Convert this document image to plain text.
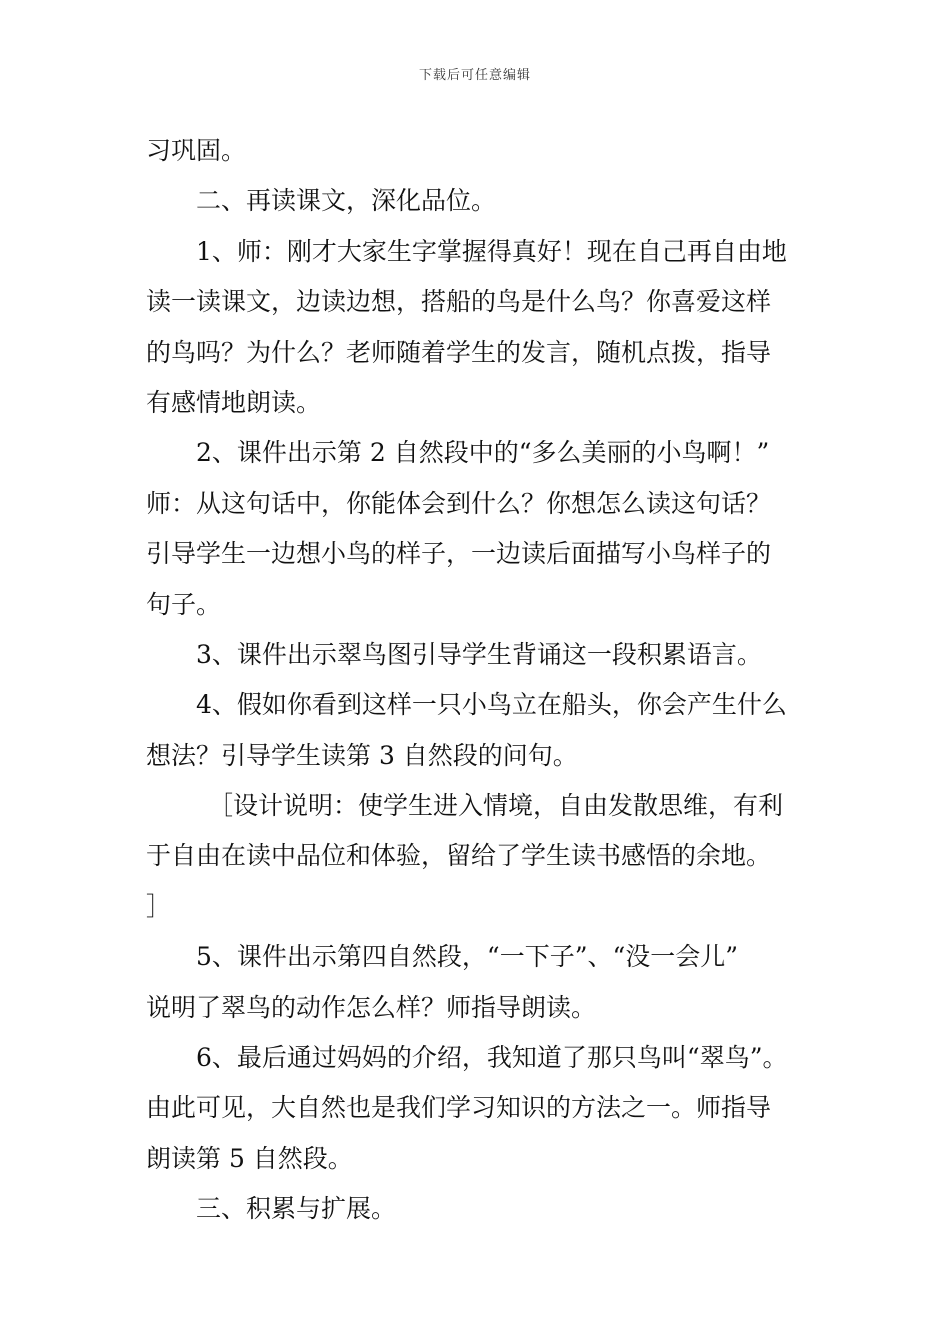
下载后可任意编辑
习巩固。
二、再读课文，深化品位。
1、师：刚才大家生字掌握得真好！现在自己再自由地
读一读课文，边读边想，搭船的鸟是什么鸟？你喜爱这样
的鸟吗？为什么？老师随着学生的发言，随机点拨，指导
有感情地朗读。
2、课件出示第 2 自然段中的“多么美丽的小鸟啊！”
师：从这句话中，你能体会到什么？你想怎么读这句话？
引导学生一边想小鸟的样子，一边读后面描写小鸟样子的
句子。
3、课件出示翠鸟图引导学生背诵这一段积累语言。
4、假如你看到这样一只小鸟立在船头，你会产生什么
想法？引导学生读第 3 自然段的问句。
［设计说明：使学生进入情境，自由发散思维，有利
于自由在读中品位和体验，留给了学生读书感悟的余地。
］
5、课件出示第四自然段，“一下子”、“没一会儿”
说明了翠鸟的动作怎么样？师指导朗读。
6、最后通过妈妈的介绍，我知道了那只鸟叫“翠鸟”。
由此可见，大自然也是我们学习知识的方法之一。师指导
朗读第 5 自然段。
三、积累与扩展。
